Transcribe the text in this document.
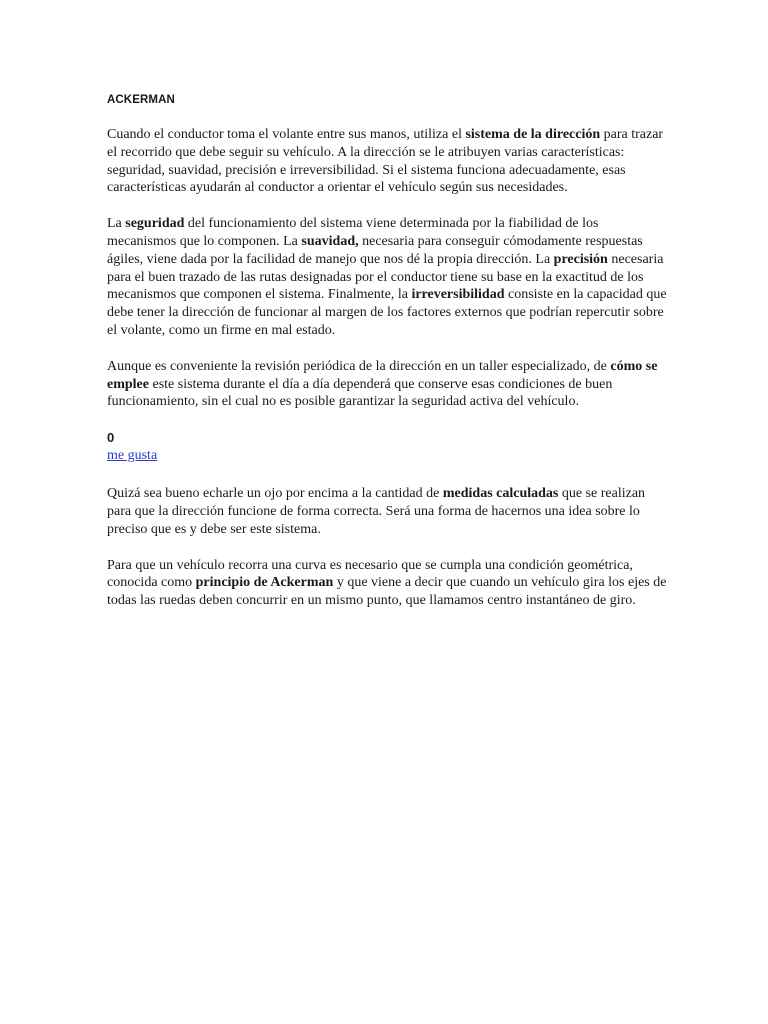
ACKERMAN

Cuando el conductor toma el volante entre sus manos, utiliza el sistema de la dirección para trazar el recorrido que debe seguir su vehículo. A la dirección se le atribuyen varias características: seguridad, suavidad, precisión e irreversibilidad. Si el sistema funciona adecuadamente, esas características ayudarán al conductor a orientar el vehículo según sus necesidades.

La seguridad del funcionamiento del sistema viene determinada por la fiabilidad de los mecanismos que lo componen. La suavidad, necesaria para conseguir cómodamente respuestas ágiles, viene dada por la facilidad de manejo que nos dé la propia dirección. La precisión necesaria para el buen trazado de las rutas designadas por el conductor tiene su base en la exactitud de los mecanismos que componen el sistema. Finalmente, la irreversibilidad consiste en la capacidad que debe tener la dirección de funcionar al margen de los factores externos que podrían repercutir sobre el volante, como un firme en mal estado.

Aunque es conveniente la revisión periódica de la dirección en un taller especializado, de cómo se emplee este sistema durante el día a día dependerá que conserve esas condiciones de buen funcionamiento, sin el cual no es posible garantizar la seguridad activa del vehículo.

0
me gusta

Quizá sea bueno echarle un ojo por encima a la cantidad de medidas calculadas que se realizan para que la dirección funcione de forma correcta. Será una forma de hacernos una idea sobre lo preciso que es y debe ser este sistema.

Para que un vehículo recorra una curva es necesario que se cumpla una condición geométrica, conocida como principio de Ackerman y que viene a decir que cuando un vehículo gira los ejes de todas las ruedas deben concurrir en un mismo punto, que llamamos centro instantáneo de giro.
